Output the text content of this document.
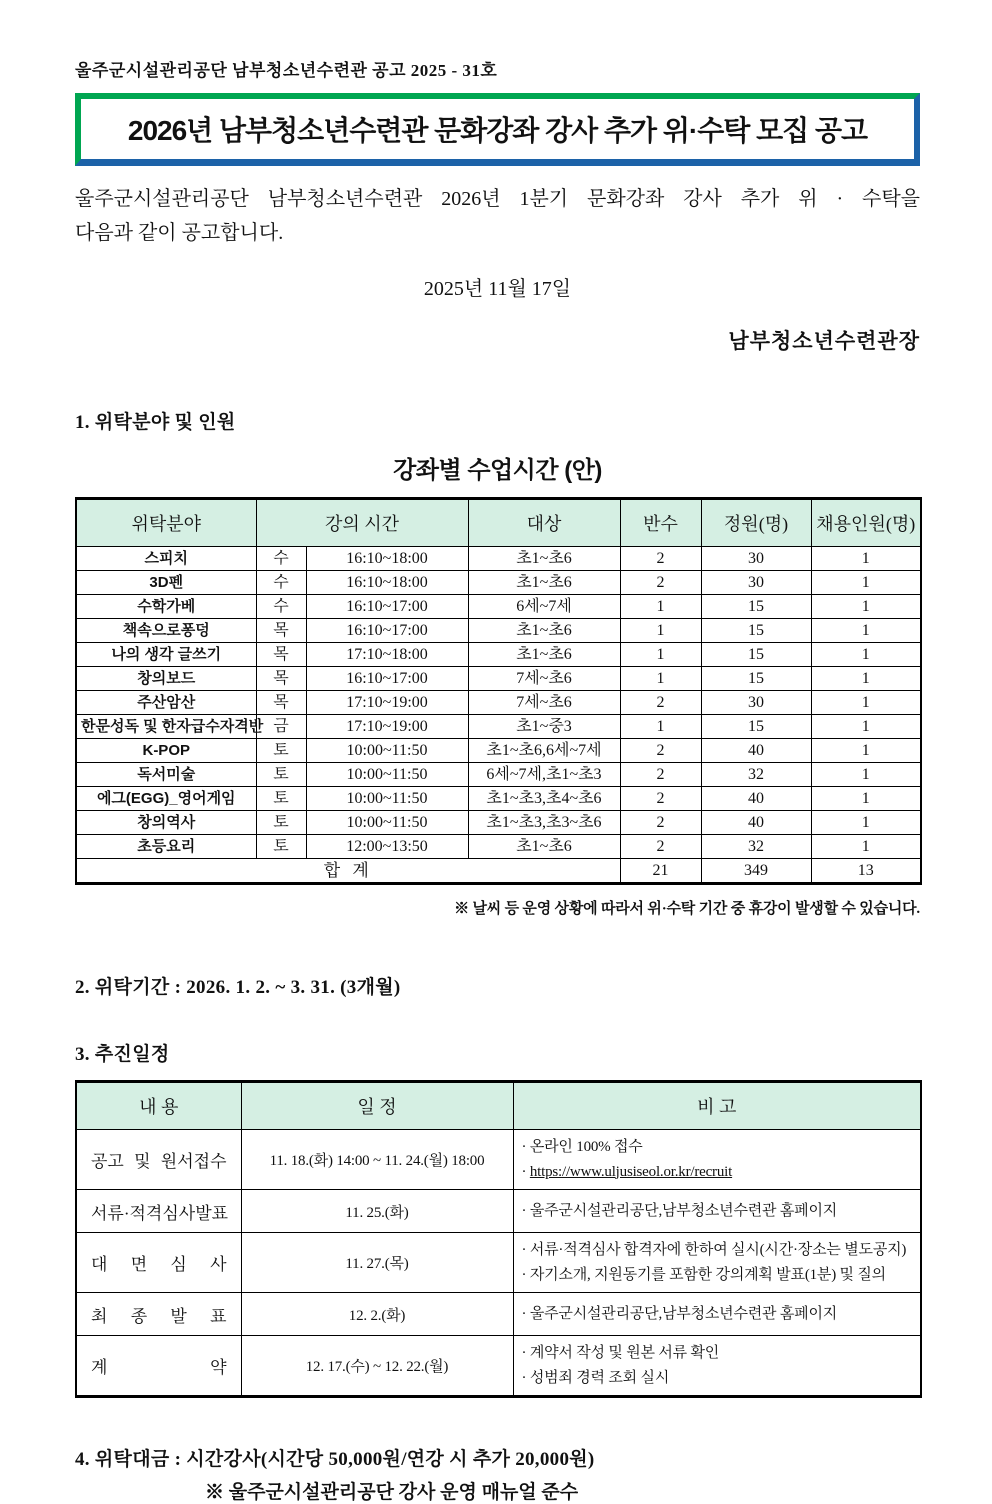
울주군시설관리공단 남부청소년수련관 공고 2025 - 31호
2026년 남부청소년수련관 문화강좌 강사 추가 위·수탁 모집 공고
울주군시설관리공단 남부청소년수련관 2026년 1분기 문화강좌 강사 추가 위 · 수탁을
다음과 같이 공고합니다.
2025년 11월 17일
남부청소년수련관장
1. 위탁분야 및 인원
강좌별 수업시간 (안)
위탁분야	강의 시간		대상	반수	정원(명)	채용인원(명)
스피치	수	16:10~18:00	초1~초6	2	30	1
3D펜	수	16:10~18:00	초1~초6	2	30	1
수학가베	수	16:10~17:00	6세~7세	1	15	1
책속으로퐁덩	목	16:10~17:00	초1~초6	1	15	1
나의 생각 글쓰기	목	17:10~18:00	초1~초6	1	15	1
창의보드	목	16:10~17:00	7세~초6	1	15	1
주산암산	목	17:10~19:00	7세~초6	2	30	1
한문성독 및 한자급수자격반	금	17:10~19:00	초1~중3	1	15	1
K-POP	토	10:00~11:50	초1~초6,6세~7세	2	40	1
독서미술	토	10:00~11:50	6세~7세,초1~초3	2	32	1
에그(EGG)_영어게임	토	10:00~11:50	초1~초3,초4~초6	2	40	1
창의역사	토	10:00~11:50	초1~초3,초3~초6	2	40	1
초등요리	토	12:00~13:50	초1~초6	2	32	1
합 계				21	349	13
※ 날씨 등 운영 상황에 따라서 위·수탁 기간 중 휴강이 발생할 수 있습니다.
2. 위탁기간 : 2026. 1. 2. ~ 3. 31. (3개월)
3. 추진일정
내 용	일 정	비 고
공고 및 원서접수	11. 18.(화) 14:00 ~ 11. 24.(월) 18:00	· 온라인 100% 접수
· https://www.uljusiseol.or.kr/recruit

서류·적격심사발표	11. 25.(화)	· 울주군시설관리공단,남부청소년수련관 홈페이지

대 면 심 사	11. 27.(목)	· 서류·적격심사 합격자에 한하여 실시(시간·장소는 별도공지)
· 자기소개, 지원동기를 포함한 강의계획 발표(1분) 및 질의

최 종 발 표	12. 2.(화)	· 울주군시설관리공단,남부청소년수련관 홈페이지

계 약	12. 17.(수) ~ 12. 22.(월)	· 계약서 작성 및 원본 서류 확인
· 성범죄 경력 조회 실시
4. 위탁대금 : 시간강사(시간당 50,000원/연강 시 추가 20,000원)
※ 울주군시설관리공단 강사 운영 매뉴얼 준수
